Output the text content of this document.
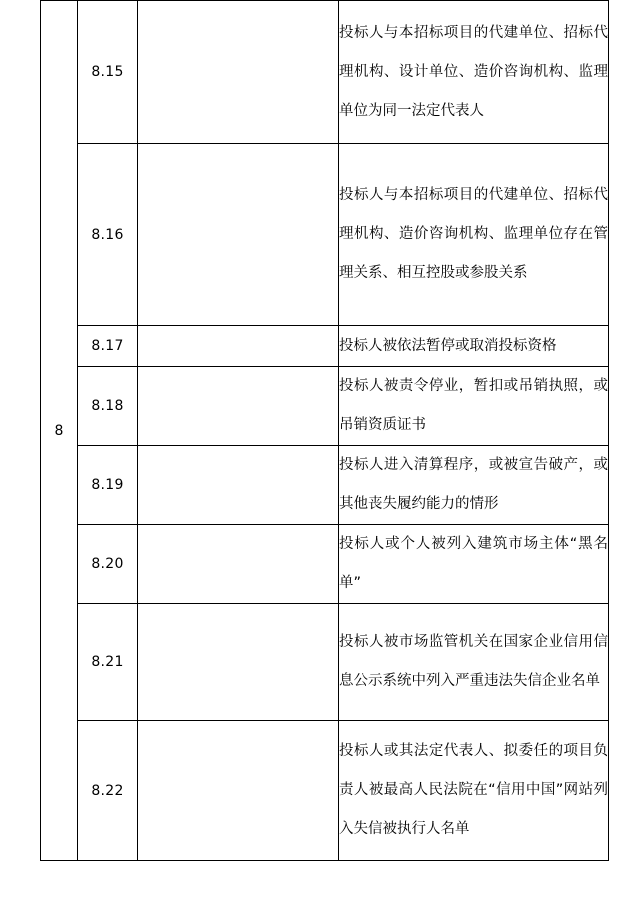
8	8.15		投标人与本招标项目的代建单位、招标代理机构、设计单位、造价咨询机构、监理单位为同一法定代表人
	8.16		投标人与本招标项目的代建单位、招标代理机构、造价咨询机构、监理单位存在管理关系、相互控股或参股关系
	8.17		投标人被依法暂停或取消投标资格
	8.18		投标人被责令停业，暂扣或吊销执照，或吊销资质证书
	8.19		投标人进入清算程序，或被宣告破产，或其他丧失履约能力的情形
	8.20		投标人或个人被列入建筑市场主体“黑名单”
	8.21		投标人被市场监管机关在国家企业信用信息公示系统中列入严重违法失信企业名单
	8.22		投标人或其法定代表人、拟委任的项目负责人被最高人民法院在“信用中国”网站列入失信被执行人名单
